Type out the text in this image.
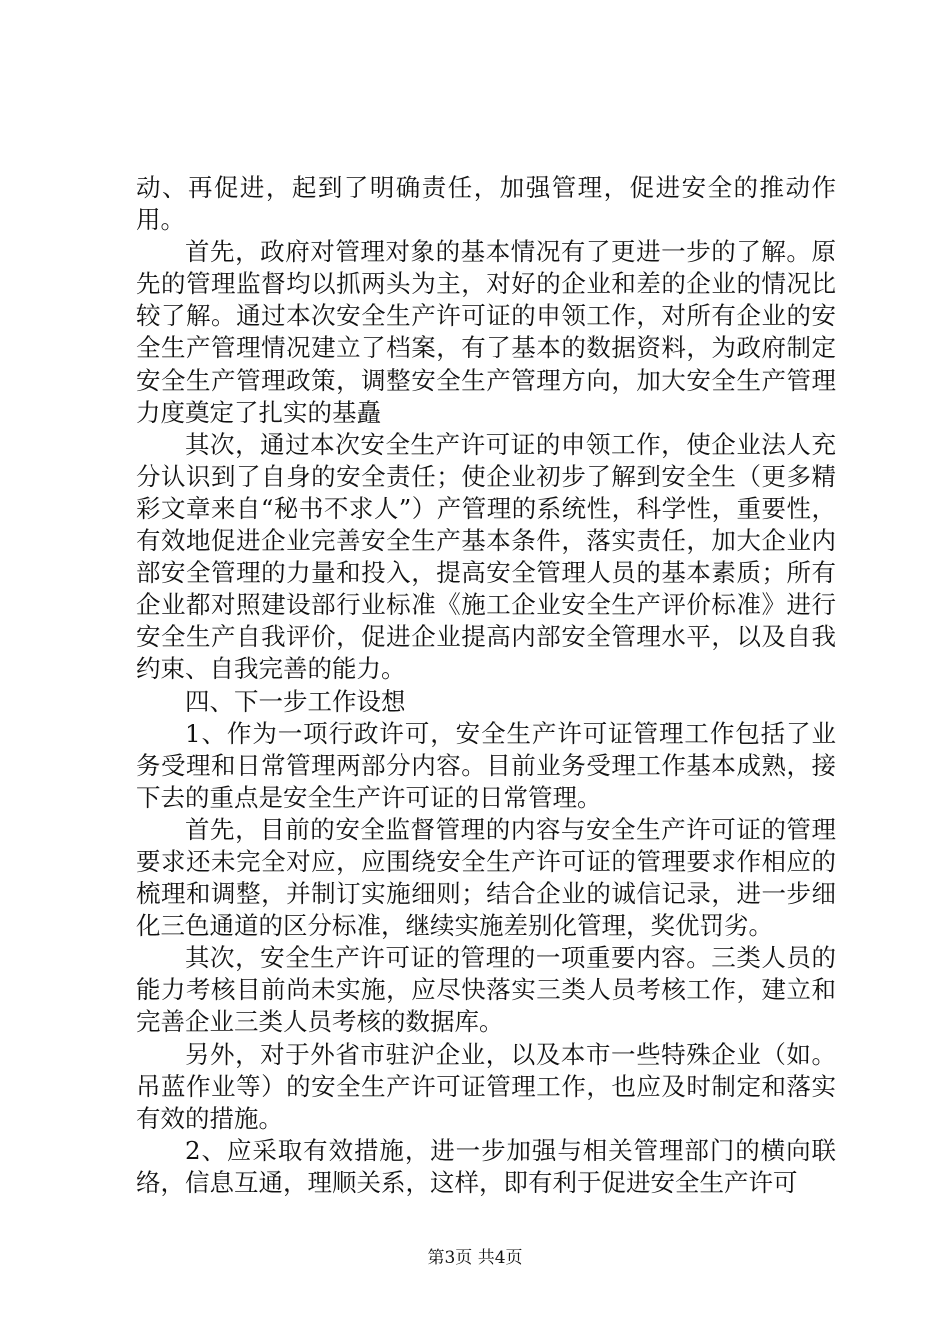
动、再促进，起到了明确责任，加强管理，促进安全的推动作用。

首先，政府对管理对象的基本情况有了更进一步的了解。原先的管理监督均以抓两头为主，对好的企业和差的企业的情况比较了解。通过本次安全生产许可证的申领工作，对所有企业的安全生产管理情况建立了档案，有了基本的数据资料，为政府制定安全生产管理政策，调整安全生产管理方向，加大安全生产管理力度奠定了扎实的基矗

其次，通过本次安全生产许可证的申领工作，使企业法人充分认识到了自身的安全责任；使企业初步了解到安全生（更多精彩文章来自“秘书不求人”）产管理的系统性，科学性，重要性，有效地促进企业完善安全生产基本条件，落实责任，加大企业内部安全管理的力量和投入，提高安全管理人员的基本素质；所有企业都对照建设部行业标准《施工企业安全生产评价标准》进行安全生产自我评价，促进企业提高内部安全管理水平，以及自我约束、自我完善的能力。

四、下一步工作设想

1、作为一项行政许可，安全生产许可证管理工作包括了业务受理和日常管理两部分内容。目前业务受理工作基本成熟，接下去的重点是安全生产许可证的日常管理。

首先，目前的安全监督管理的内容与安全生产许可证的管理要求还未完全对应，应围绕安全生产许可证的管理要求作相应的梳理和调整，并制订实施细则；结合企业的诚信记录，进一步细化三色通道的区分标准，继续实施差别化管理，奖优罚劣。

其次，安全生产许可证的管理的一项重要内容。三类人员的能力考核目前尚未实施，应尽快落实三类人员考核工作，建立和完善企业三类人员考核的数据库。

另外，对于外省市驻沪企业，以及本市一些特殊企业（如。吊蓝作业等）的安全生产许可证管理工作，也应及时制定和落实有效的措施。

2、应采取有效措施，进一步加强与相关管理部门的横向联络，信息互通，理顺关系，这样，即有利于促进安全生产许可

第3页 共4页
